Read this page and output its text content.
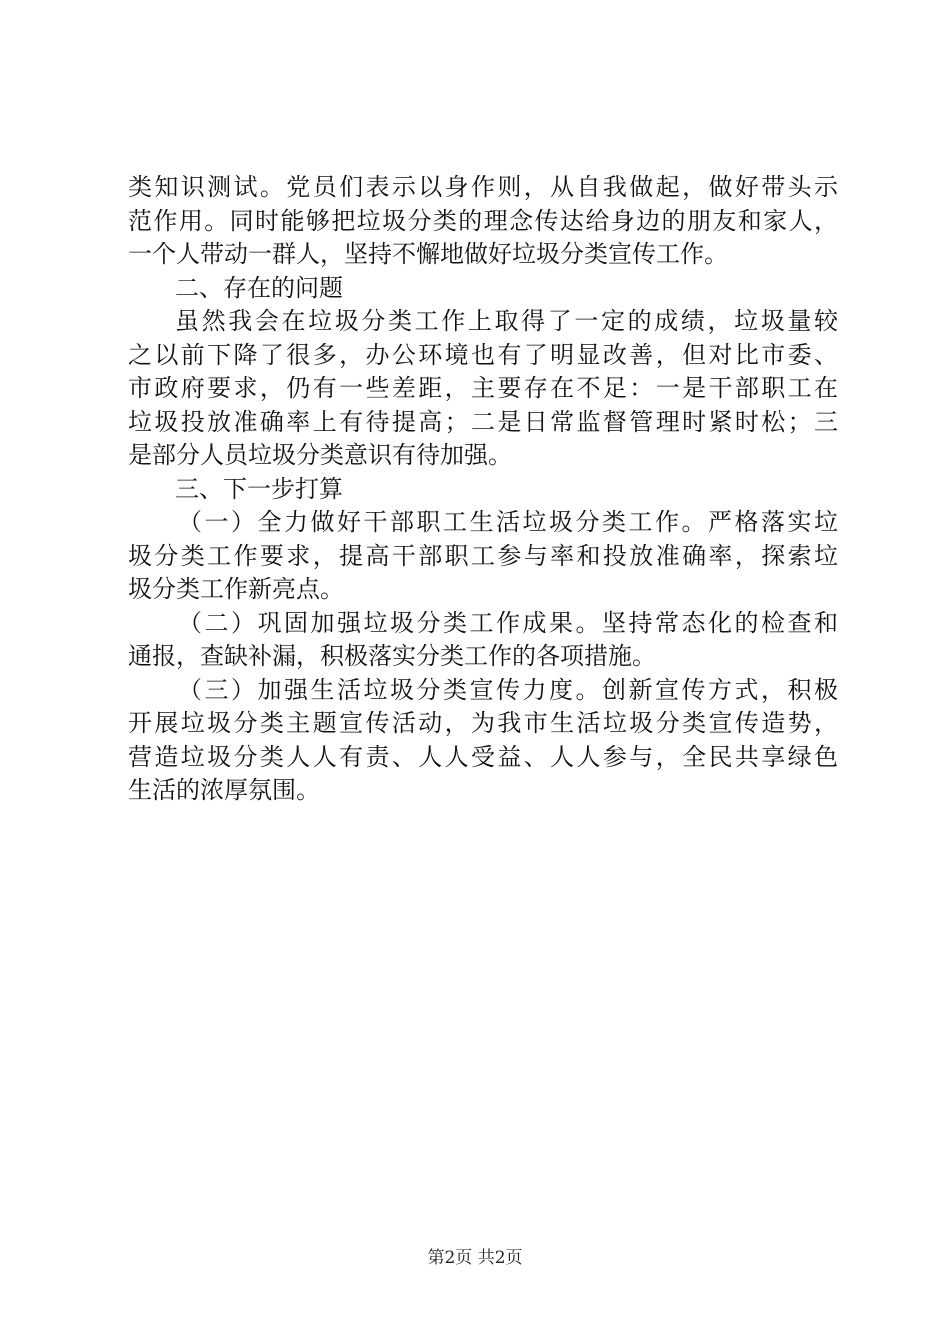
类知识测试。党员们表示以身作则，从自我做起，做好带头示
范作用。同时能够把垃圾分类的理念传达给身边的朋友和家人，
一个人带动一群人，坚持不懈地做好垃圾分类宣传工作。
二、存在的问题
虽然我会在垃圾分类工作上取得了一定的成绩，垃圾量较
之以前下降了很多，办公环境也有了明显改善，但对比市委、
市政府要求，仍有一些差距，主要存在不足：一是干部职工在
垃圾投放准确率上有待提高；二是日常监督管理时紧时松；三
是部分人员垃圾分类意识有待加强。
三、下一步打算
（一）全力做好干部职工生活垃圾分类工作。严格落实垃
圾分类工作要求，提高干部职工参与率和投放准确率，探索垃
圾分类工作新亮点。
（二）巩固加强垃圾分类工作成果。坚持常态化的检查和
通报，查缺补漏，积极落实分类工作的各项措施。
（三）加强生活垃圾分类宣传力度。创新宣传方式，积极
开展垃圾分类主题宣传活动，为我市生活垃圾分类宣传造势，
营造垃圾分类人人有责、人人受益、人人参与，全民共享绿色
生活的浓厚氛围。
第2页 共2页
